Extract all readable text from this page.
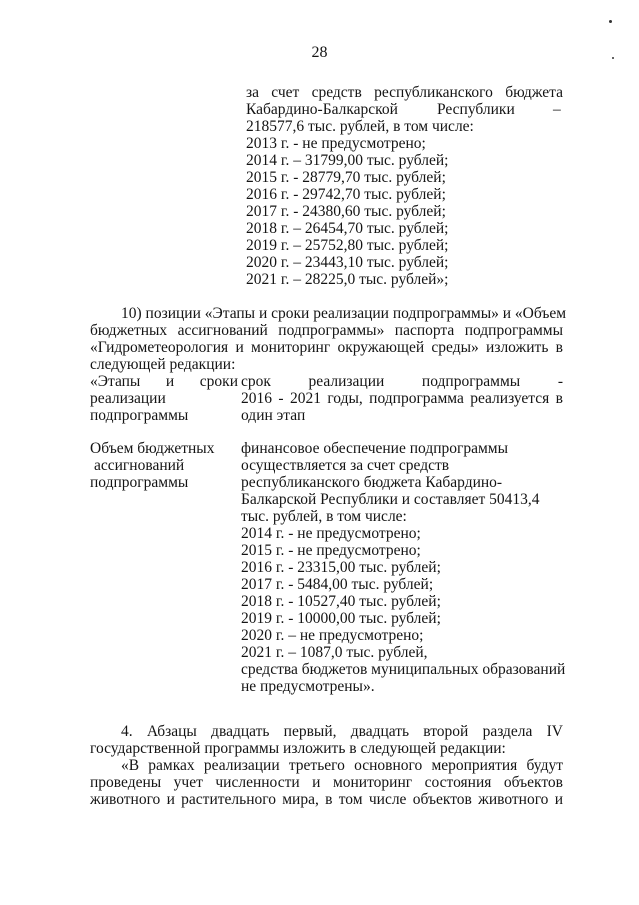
28
за счет средств республиканского бюджета
Кабардино-Балкарской	Республики –
218577,6 тыс. рублей, в том числе:
2013 г. - не предусмотрено;
2014 г. – 31799,00 тыс. рублей;
2015 г. - 28779,70 тыс. рублей;
2016 г. - 29742,70 тыс. рублей;
2017 г. - 24380,60 тыс. рублей;
2018 г. – 26454,70 тыс. рублей;
2019 г. – 25752,80 тыс. рублей;
2020 г. – 23443,10 тыс. рублей;
2021 г. – 28225,0 тыс. рублей»;
10) позиции «Этапы и сроки реализации подпрограммы» и «Объем
бюджетных ассигнований подпрограммы» паспорта подпрограммы
«Гидрометеорология и мониторинг окружающей среды» изложить в
следующей редакции:
«Этапы и сроки
реализации
подпрограммы
срок реализации подпрограммы -
2016 - 2021 годы, подпрограмма реализуется в
один этап
Объем бюджетных
ассигнований
подпрограммы
финансовое обеспечение подпрограммы
осуществляется за счет средств
республиканского бюджета Кабардино-
Балкарской Республики и составляет 50413,4
тыс. рублей, в том числе:
2014 г. - не предусмотрено;
2015 г. - не предусмотрено;
2016 г. - 23315,00 тыс. рублей;
2017 г. - 5484,00 тыс. рублей;
2018 г. - 10527,40 тыс. рублей;
2019 г. - 10000,00 тыс. рублей;
2020 г. – не предусмотрено;
2021 г. – 1087,0 тыс. рублей,
средства бюджетов муниципальных образований
не предусмотрены».
4. Абзацы двадцать первый, двадцать второй раздела IV
государственной программы изложить в следующей редакции:
«В рамках реализации третьего основного мероприятия будут
проведены учет численности и мониторинг состояния объектов
животного и растительного мира, в том числе объектов животного и
